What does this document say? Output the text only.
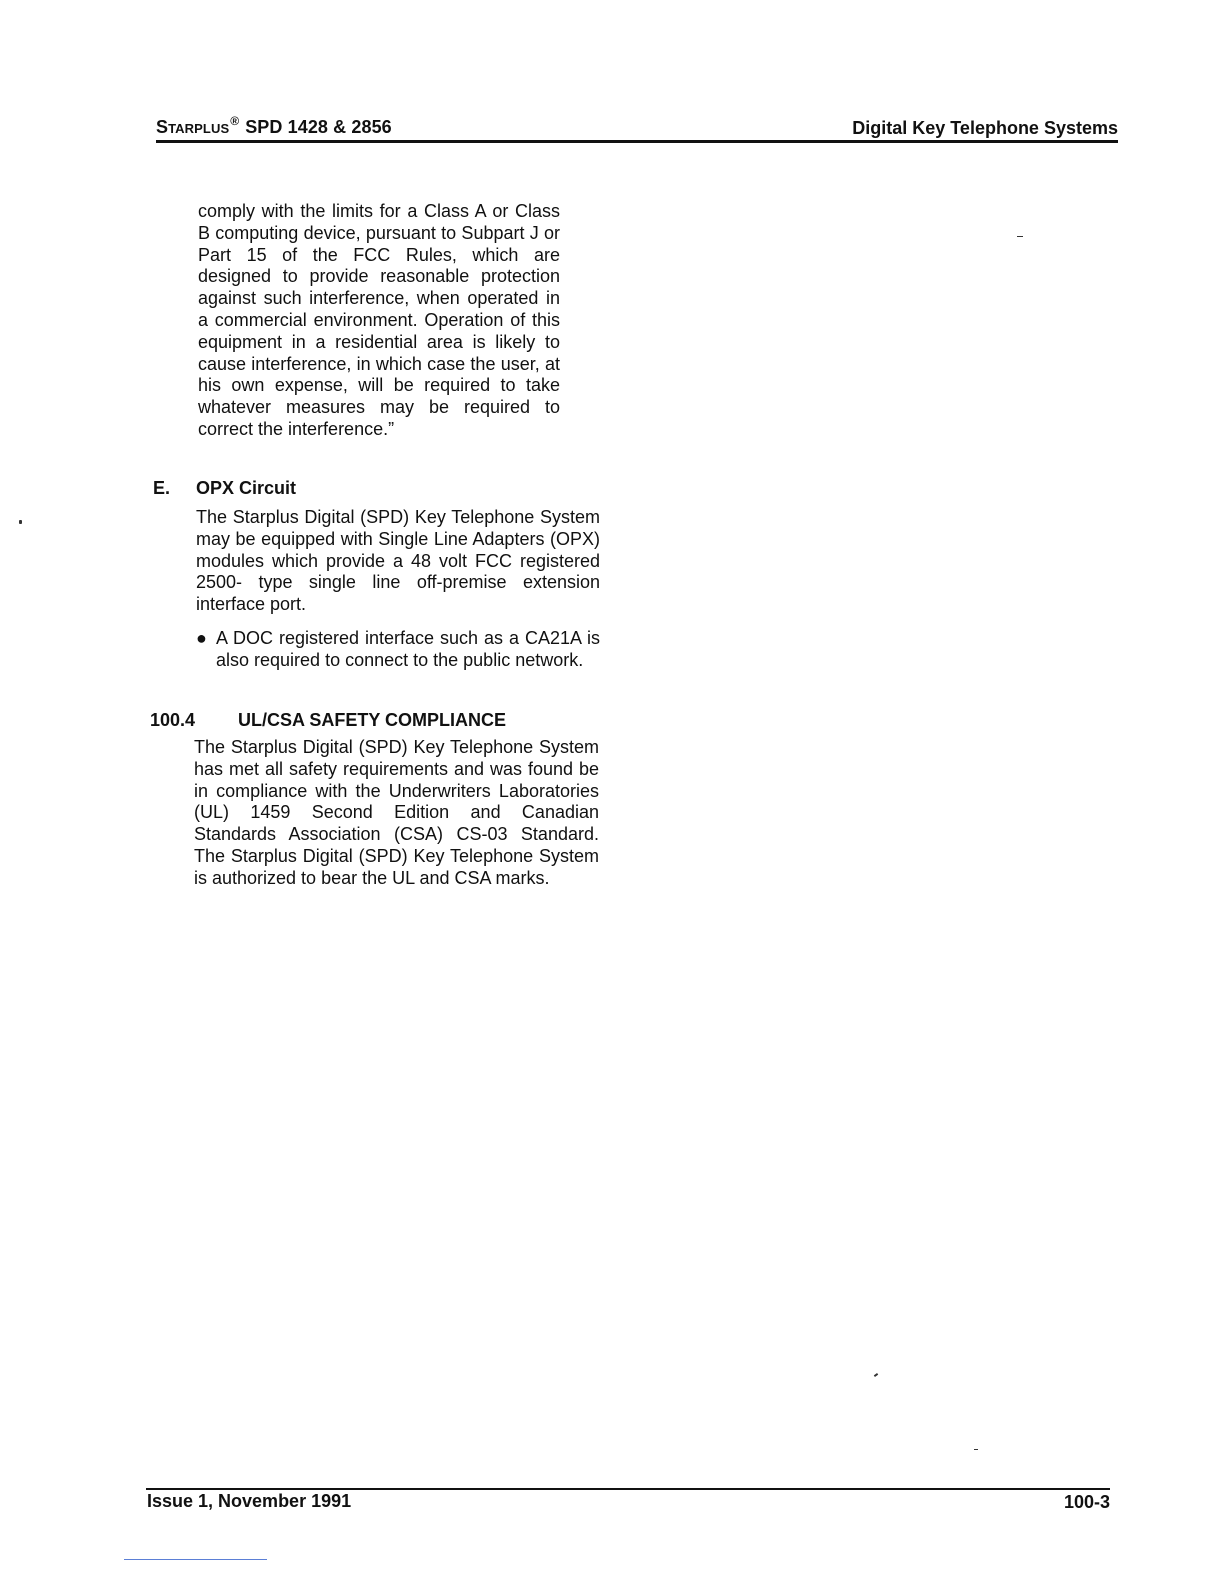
Starplus® SPD 1428 & 2856	Digital Key Telephone Systems
comply with the limits for a Class A or Class B computing device, pursuant to Subpart J or Part 15 of the FCC Rules, which are designed to provide reasonable protection against such interference, when operated in a commercial environment. Operation of this equipment in a residential area is likely to cause interference, in which case the user, at his own expense, will be required to take whatever measures may be required to correct the interference.”
E. OPX Circuit
The Starplus Digital (SPD) Key Telephone System may be equipped with Single Line Adapters (OPX) modules which provide a 48 volt FCC registered 2500- type single line off-premise extension interface port.
● A DOC registered interface such as a CA21A is also required to connect to the public network.
100.4 UL/CSA SAFETY COMPLIANCE
The Starplus Digital (SPD) Key Telephone System has met all safety requirements and was found be in compliance with the Underwriters Laboratories (UL) 1459 Second Edition and Canadian Standards Association (CSA) CS-03 Standard. The Starplus Digital (SPD) Key Telephone System is authorized to bear the UL and CSA marks.
Issue 1, November 1991	100-3
